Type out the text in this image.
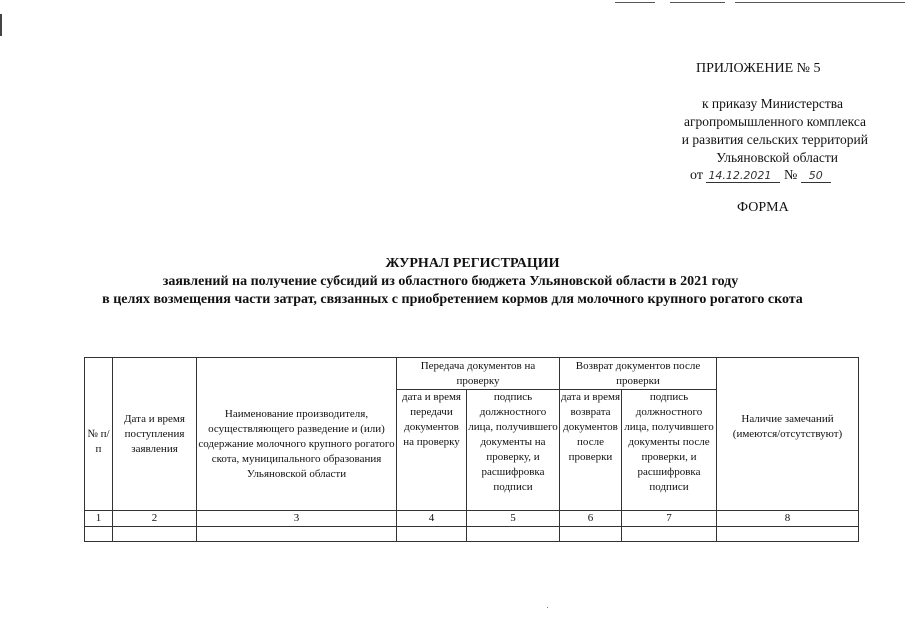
ПРИЛОЖЕНИЕ № 5
к приказу Министерства
агропромышленного комплекса
и развития сельских территорий
Ульяновской области
от 14.12.2021 № 50
ФОРМА
ЖУРНАЛ РЕГИСТРАЦИИ
заявлений на получение субсидий из областного бюджета Ульяновской области в 2021 году
в целях возмещения части затрат, связанных с приобретением кормов для молочного крупного рогатого скота
№ п/п	Дата и время поступления заявления	Наименование производителя, осуществляющего разведение и (или) содержание молочного крупного рогатого скота, муниципального образования Ульяновской области	Передача документов на проверку		Возврат документов после проверки		Наличие замечаний (имеются/отсутствуют)
			дата и время передачи документов на проверку	подпись должностного лица, получившего документы на проверку, и расшифровка подписи	дата и время возврата документов после проверки	подпись должностного лица, получившего документы после проверки, и расшифровка подписи	
1	2	3	4	5	6	7	8
